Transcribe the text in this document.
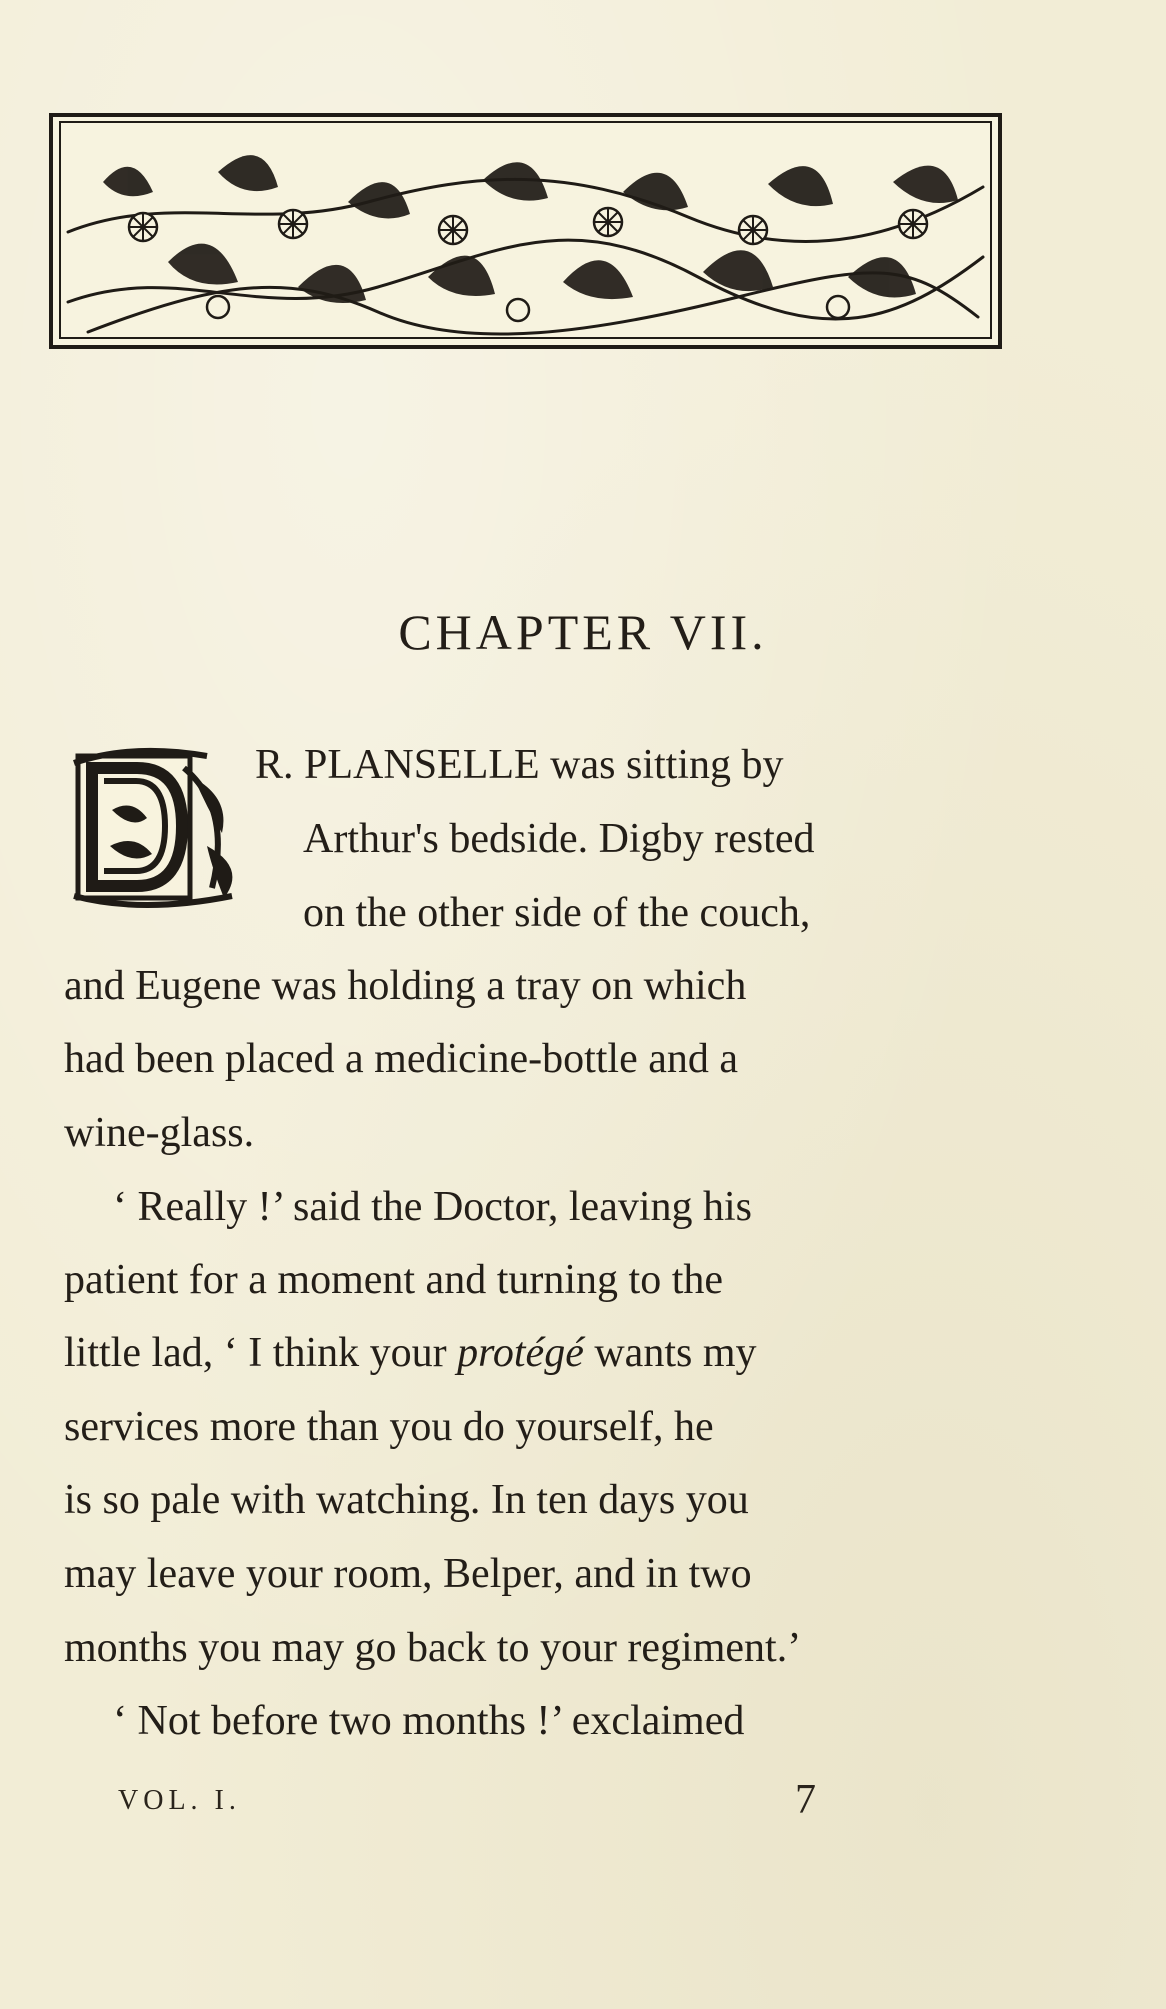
CHAPTER VII.
R. PLANSELLE was sitting by
Arthur's bedside. Digby rested
on the other side of the couch,
and Eugene was holding a tray on which
had been placed a medicine-bottle and a
wine-glass.
‘ Really !’ said the Doctor, leaving his
patient for a moment and turning to the
little lad, ‘ I think your protégé wants my
services more than you do yourself, he
is so pale with watching. In ten days you
may leave your room, Belper, and in two
months you may go back to your regiment.’
‘ Not before two months !’ exclaimed
VOL. I.	7
